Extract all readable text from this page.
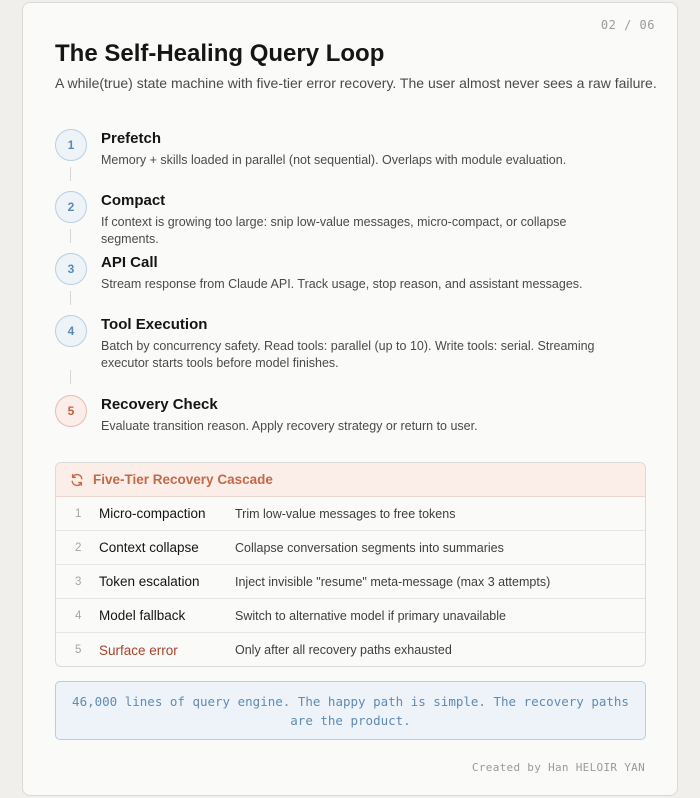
02 / 06
The Self-Healing Query Loop

A while(true) state machine with five-tier error recovery. The user almost never sees a raw failure.

1	Prefetch
Memory + skills loaded in parallel (not sequential). Overlaps with module evaluation.
2	Compact
If context is growing too large: snip low-value messages, micro-compact, or collapse segments.
3	API Call
Stream response from Claude API. Track usage, stop reason, and assistant messages.
4	Tool Execution
Batch by concurrency safety. Read tools: parallel (up to 10). Write tools: serial. Streaming executor starts tools before model finishes.
5	Recovery Check
Evaluate transition reason. Apply recovery strategy or return to user.
Five-Tier Recovery Cascade
1	Micro-compaction	Trim low-value messages to free tokens
2	Context collapse	Collapse conversation segments into summaries
3	Token escalation	Inject invisible "resume" meta-message (max 3 attempts)
4	Model fallback	Switch to alternative model if primary unavailable
5	Surface error	Only after all recovery paths exhausted
46,000 lines of query engine. The happy path is simple. The recovery paths are the product.
Created by Han HELOIR YAN
